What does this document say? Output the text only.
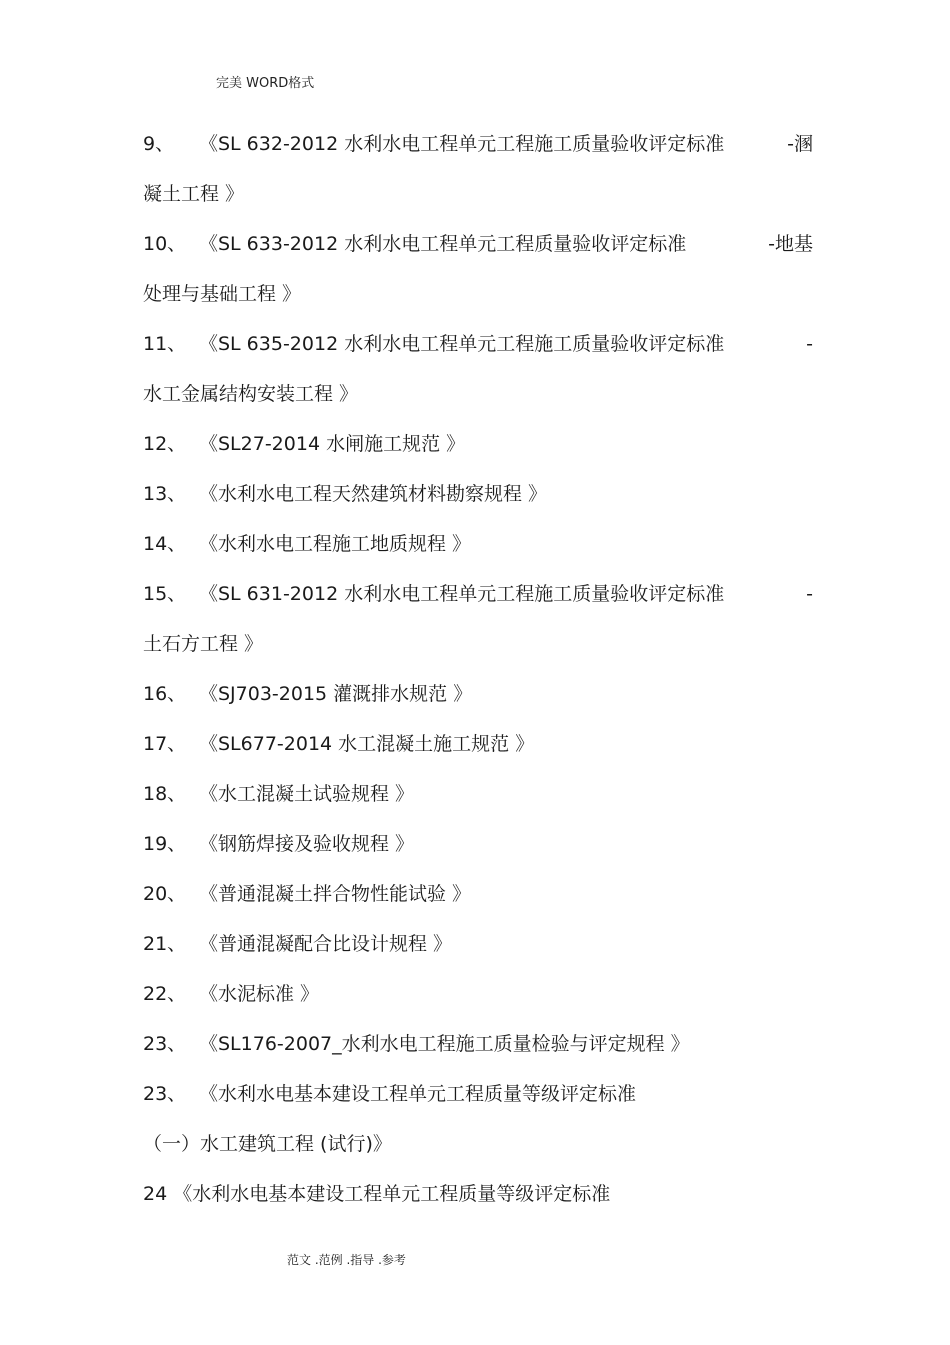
完美 WORD格式
9、 《SL 632-2012 水利水电工程单元工程施工质量验收评定标准	-溷
凝土工程 》
10、 《SL 633-2012 水利水电工程单元工程质量验收评定标准	-地基
处理与基础工程 》
11、 《SL 635-2012 水利水电工程单元工程施工质量验收评定标准	-
水工金属结构安装工程 》
12、 《SL27-2014 水闸施工规范 》
13、 《水利水电工程天然建筑材料勘察规程 》
14、 《水利水电工程施工地质规程 》
15、 《SL 631-2012 水利水电工程单元工程施工质量验收评定标准	-
土石方工程 》
16、 《SJ703-2015 灌溉排水规范 》
17、 《SL677-2014 水工混凝土施工规范 》
18、 《水工混凝土试验规程 》
19、 《钢筋焊接及验收规程 》
20、 《普通混凝土拌合物性能试验 》
21、 《普通混凝配合比设计规程 》
22、 《水泥标准 》
23、 《SL176-2007_水利水电工程施工质量检验与评定规程 》
23、 《水利水电基本建设工程单元工程质量等级评定标准
（一）水工建筑工程 (试行)》
24 《水利水电基本建设工程单元工程质量等级评定标准
范文 .范例 .指导 .参考
